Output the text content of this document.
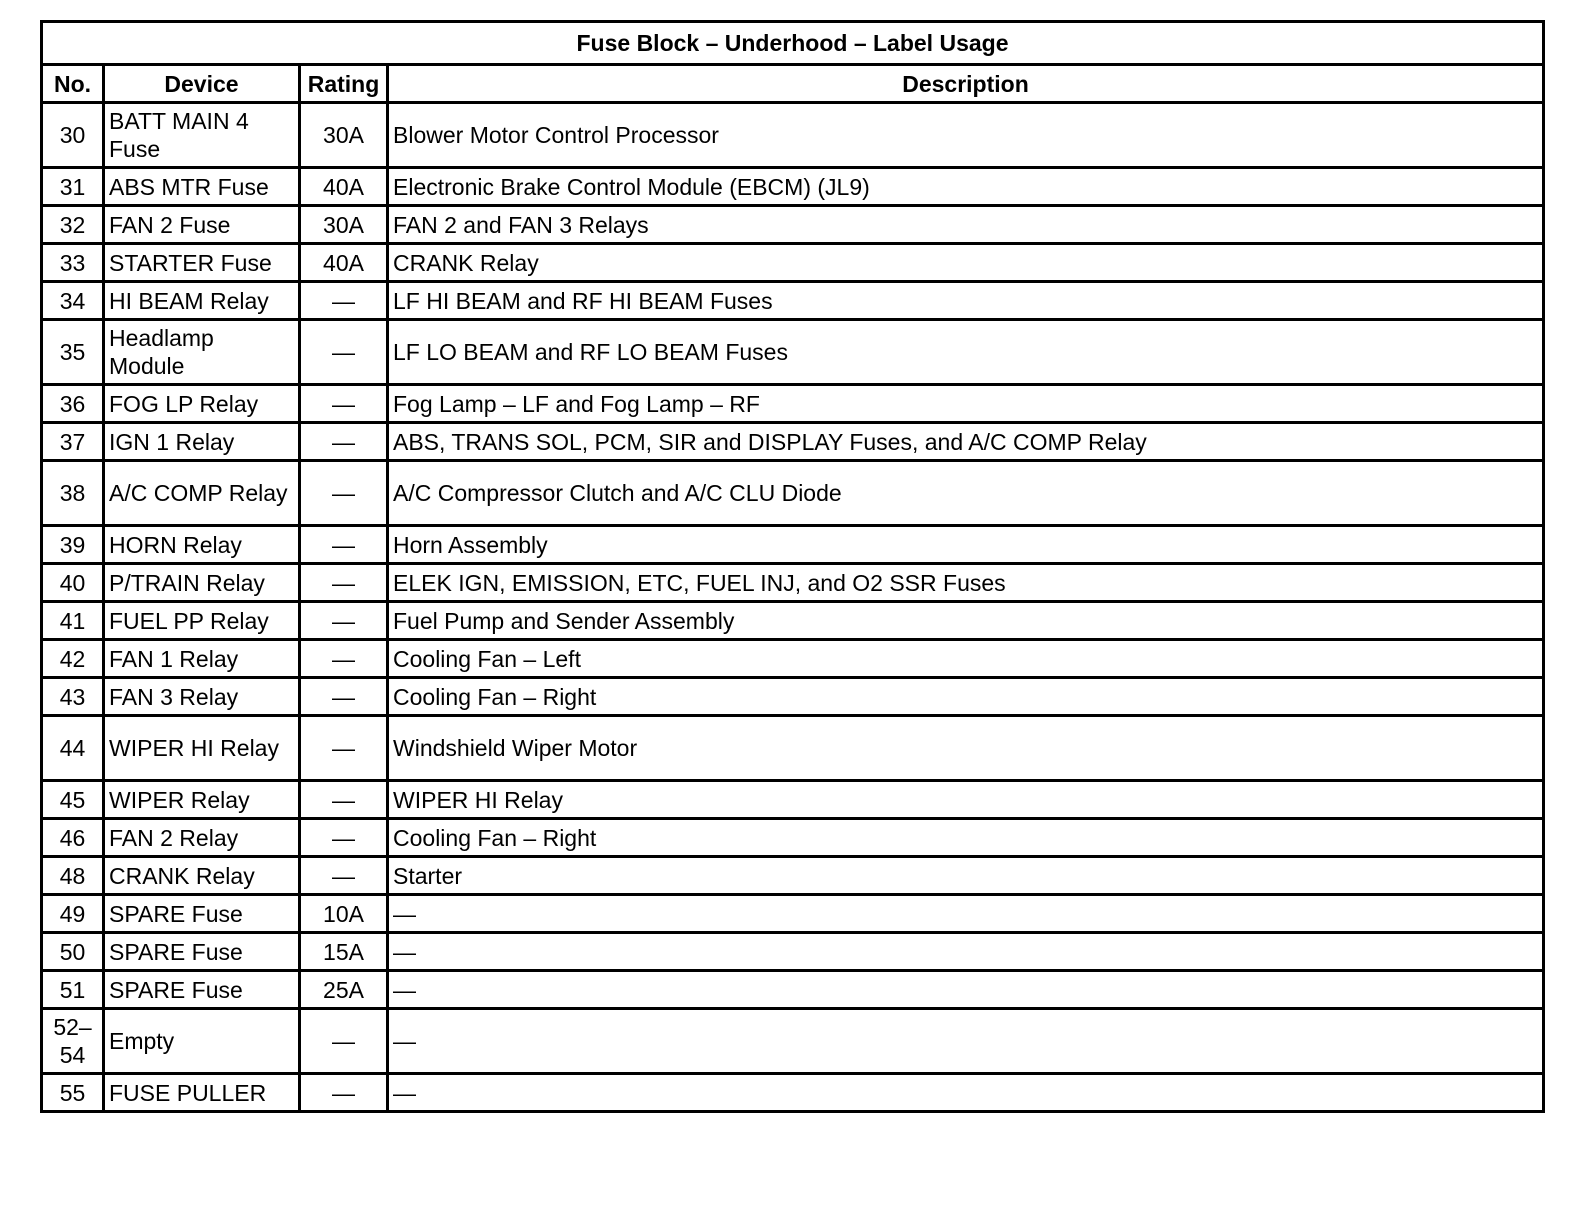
Fuse Block – Underhood – Label Usage			
No.	Device	Rating	Description
30	BATT MAIN 4 Fuse	30A	Blower Motor Control Processor
31	ABS MTR Fuse	40A	Electronic Brake Control Module (EBCM) (JL9)
32	FAN 2 Fuse	30A	FAN 2 and FAN 3 Relays
33	STARTER Fuse	40A	CRANK Relay
34	HI BEAM Relay	—	LF HI BEAM and RF HI BEAM Fuses
35	Headlamp Module	—	LF LO BEAM and RF LO BEAM Fuses
36	FOG LP Relay	—	Fog Lamp – LF and Fog Lamp – RF
37	IGN 1 Relay	—	ABS, TRANS SOL, PCM, SIR and DISPLAY Fuses, and A/C COMP Relay
38	A/C COMP Relay	—	A/C Compressor Clutch and A/C CLU Diode
39	HORN Relay	—	Horn Assembly
40	P/TRAIN Relay	—	ELEK IGN, EMISSION, ETC, FUEL INJ, and O2 SSR Fuses
41	FUEL PP Relay	—	Fuel Pump and Sender Assembly
42	FAN 1 Relay	—	Cooling Fan – Left
43	FAN 3 Relay	—	Cooling Fan – Right
44	WIPER HI Relay	—	Windshield Wiper Motor
45	WIPER Relay	—	WIPER HI Relay
46	FAN 2 Relay	—	Cooling Fan – Right
48	CRANK Relay	—	Starter
49	SPARE Fuse	10A	—
50	SPARE Fuse	15A	—
51	SPARE Fuse	25A	—
52–54	Empty	—	—
55	FUSE PULLER	—	—
